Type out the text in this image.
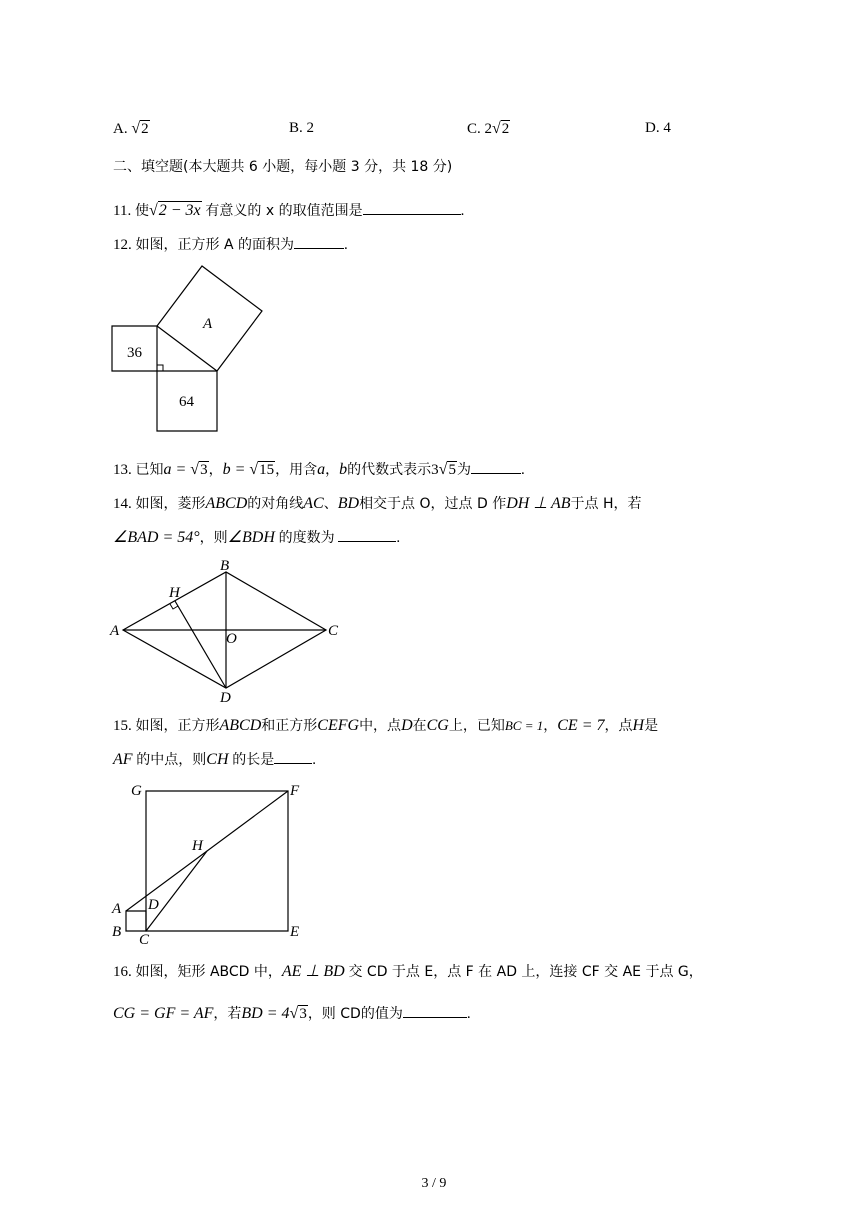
A. √2	B. 2	C. 2√2	D. 4
二、填空题(本大题共 6 小题，每小题 3 分，共 18 分)
11. 使√2 − 3x 有意义的 x 的取值范围是	.
12. 如图，正方形 A 的面积为	.
A
36
64
13. 已知a = √3，b = √15，用含a，b的代数式表示3√5为	.
14. 如图，菱形ABCD的对角线AC、BD相交于点 O，过点 D 作DH ⊥ AB于点 H，若
∠BAD = 54°，则∠BDH 的度数为	.
A
B
C
D
H
O
15. 如图，正方形ABCD和正方形CEFG中，点D在CG上，已知BC = 1，CE = 7，点H是
AF 的中点，则CH 的长是	.
G	F
H
A D
B C	E
16. 如图，矩形 ABCD 中，AE ⊥ BD 交 CD 于点 E，点 F 在 AD 上，连接 CF 交 AE 于点 G，
CG = GF = AF，若BD = 4√3，则 CD的值为	.
3 / 9
